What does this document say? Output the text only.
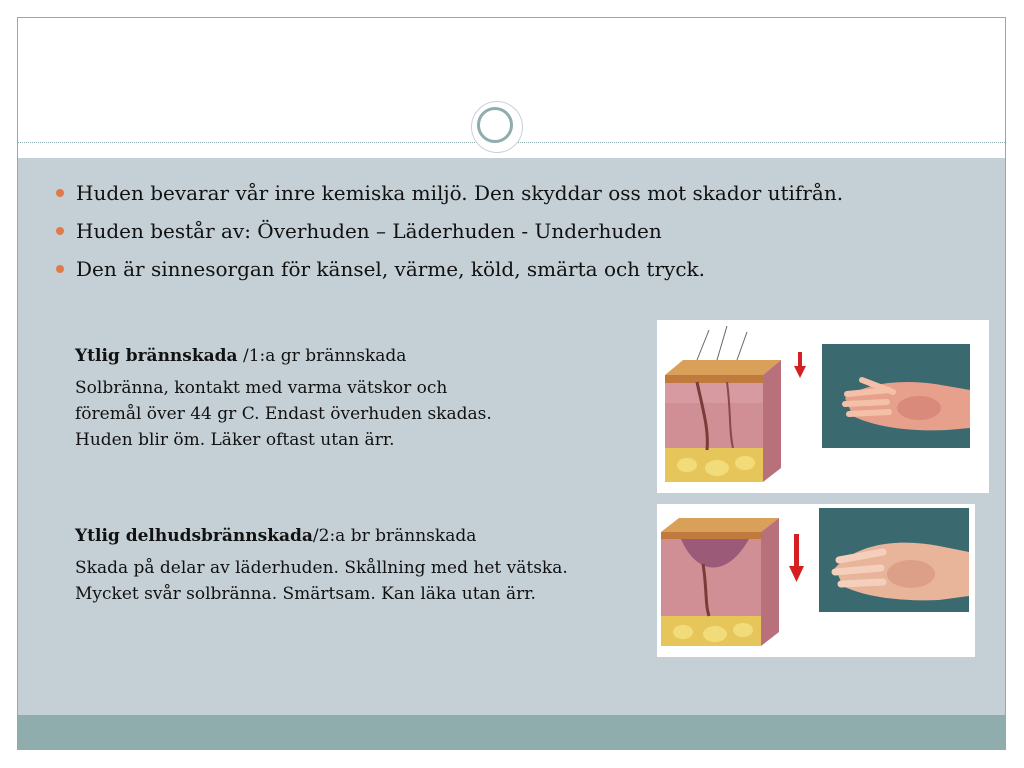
Huden bevarar vår inre kemiska miljö. Den skyddar oss mot skador utifrån.
Huden består av: Överhuden – Läderhuden - Underhuden
Den är sinnesorgan för känsel, värme, köld, smärta och tryck.
Ytlig brännskada /1:a gr brännskada
Solbränna, kontakt med varma vätskor och
föremål över 44 gr C. Endast överhuden skadas.
Huden blir öm. Läker oftast utan ärr.
Ytlig delhudsbrännskada/2:a br brännskada
Skada på delar av läderhuden. Skållning med het vätska.
Mycket svår solbränna. Smärtsam. Kan läka utan ärr.
